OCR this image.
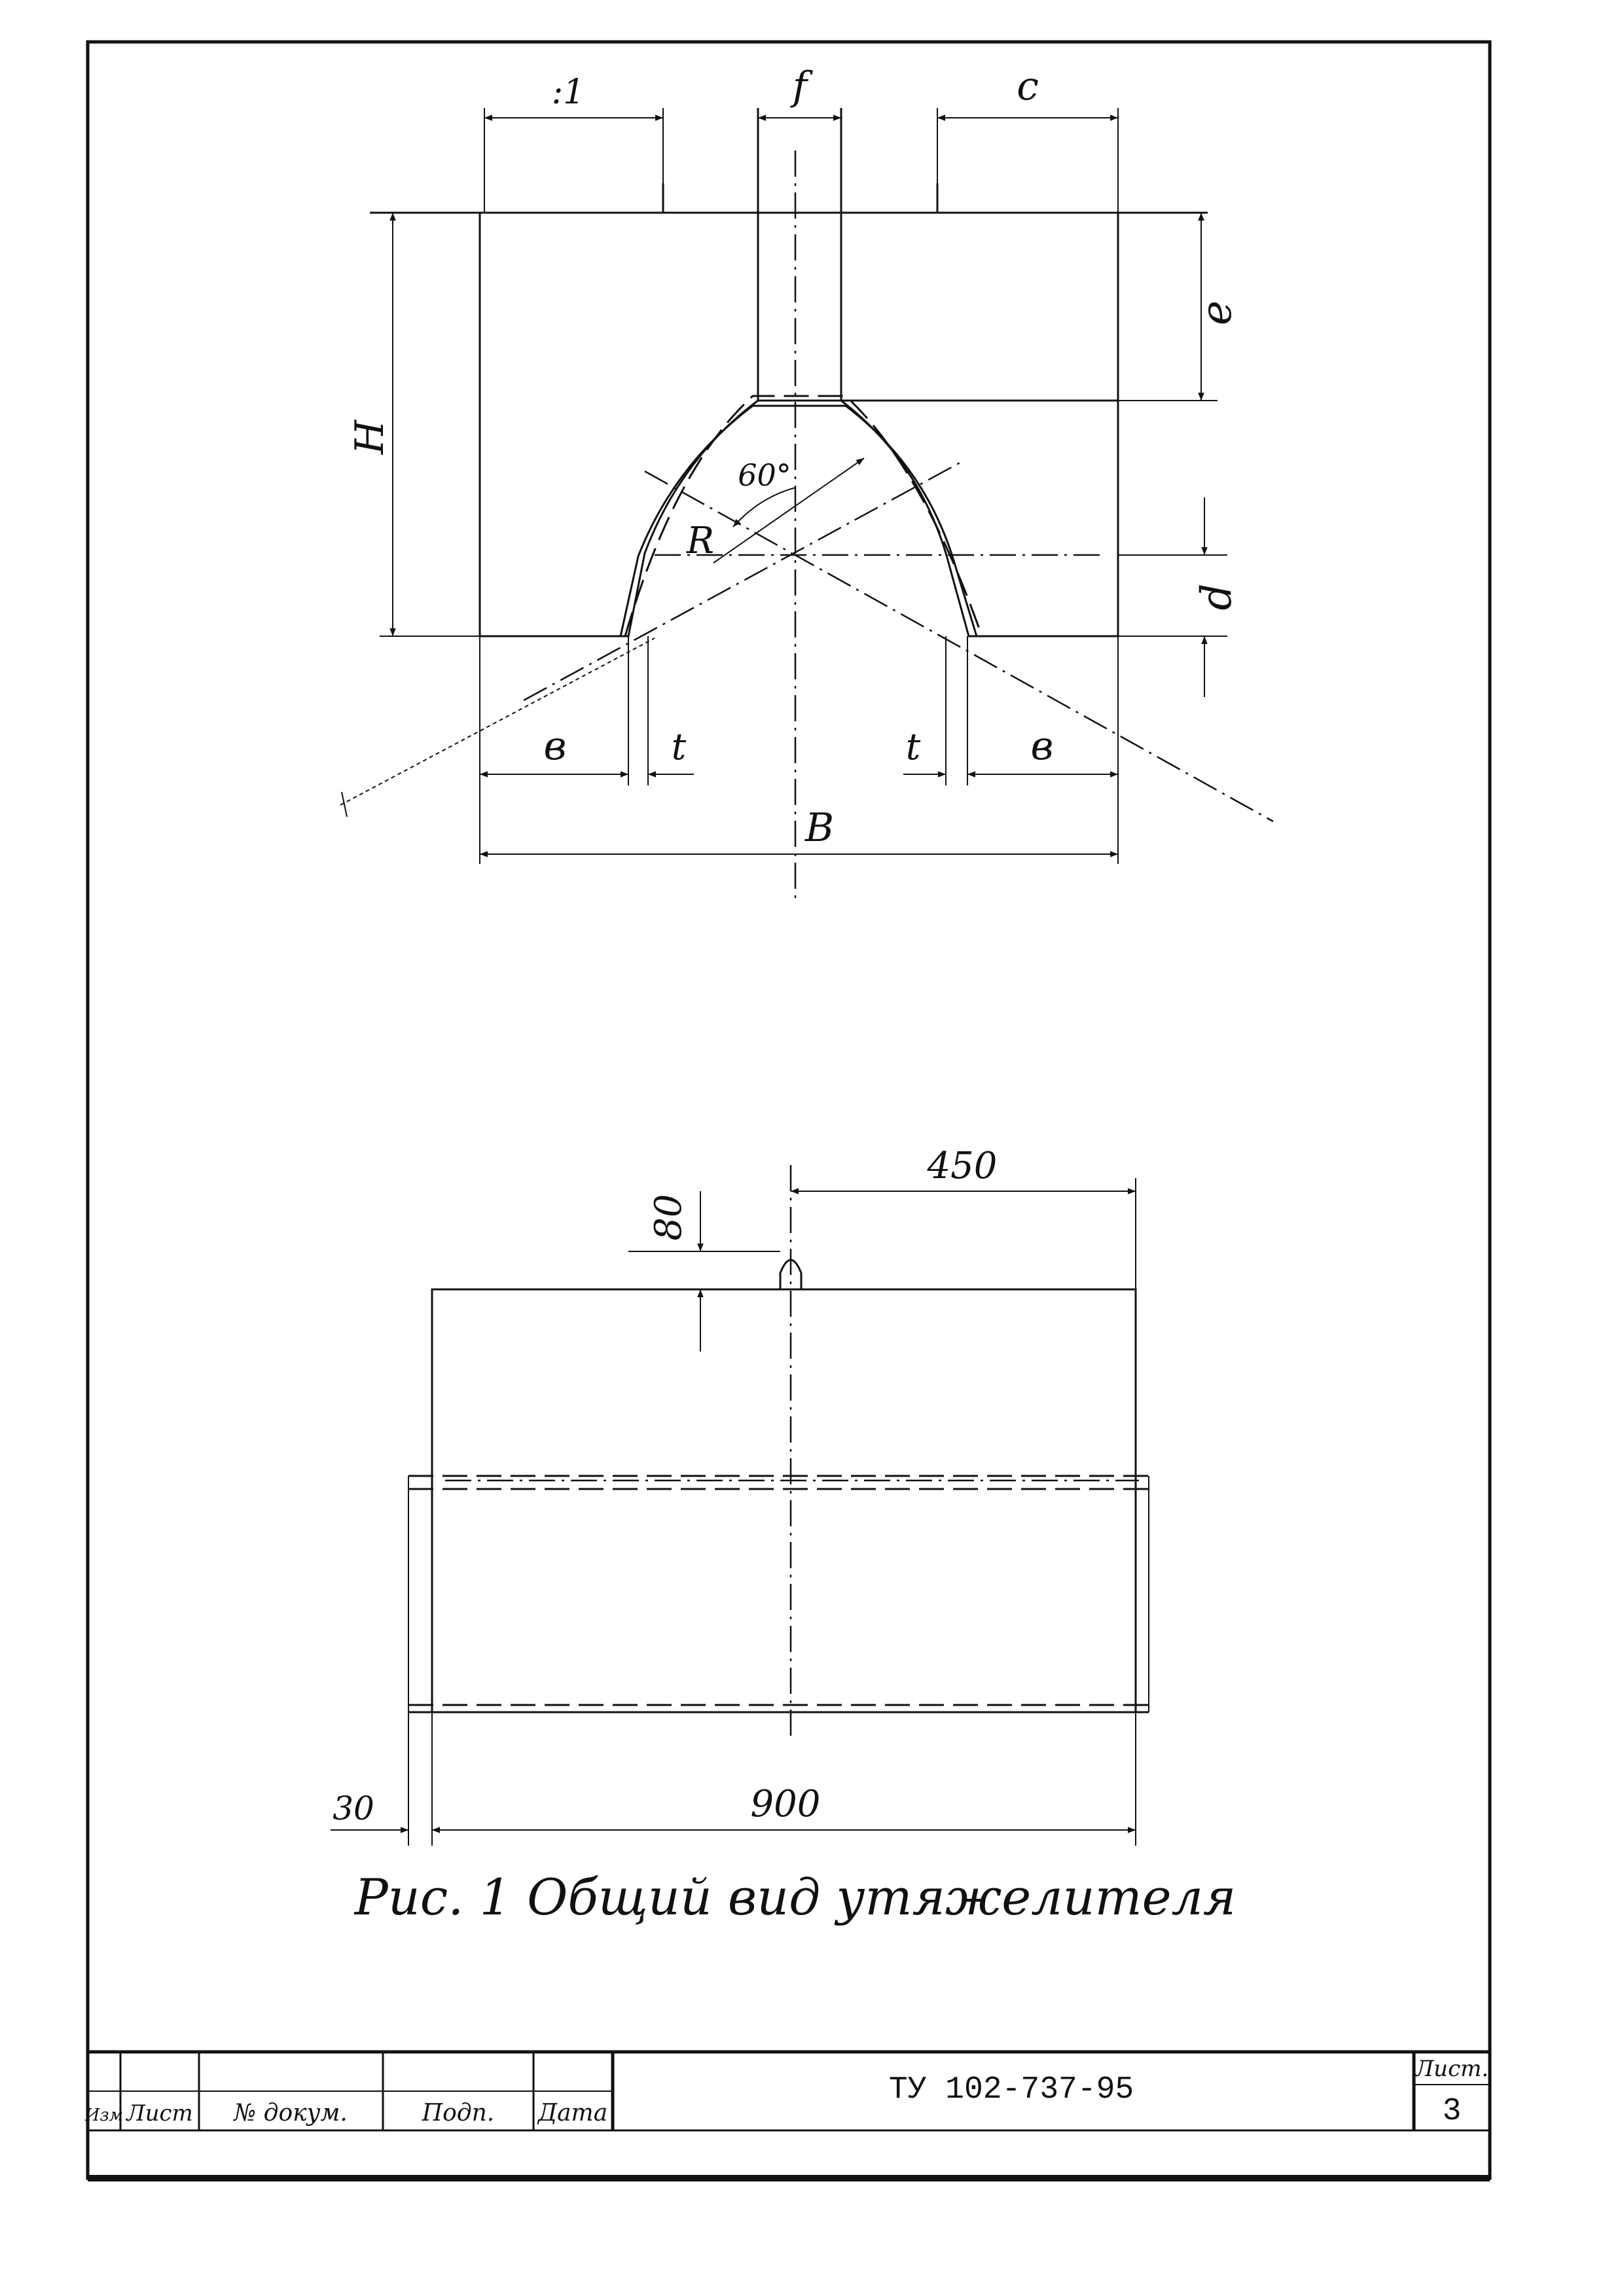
:1	f	c
e
H
60°
R
d
в	t	t	в
B
80
450
30	900
Рис. 1 Общий вид утяжелителя
Изм Лист № докум.	Подп. Дата
ТУ 102-737-95
Лист.
3
